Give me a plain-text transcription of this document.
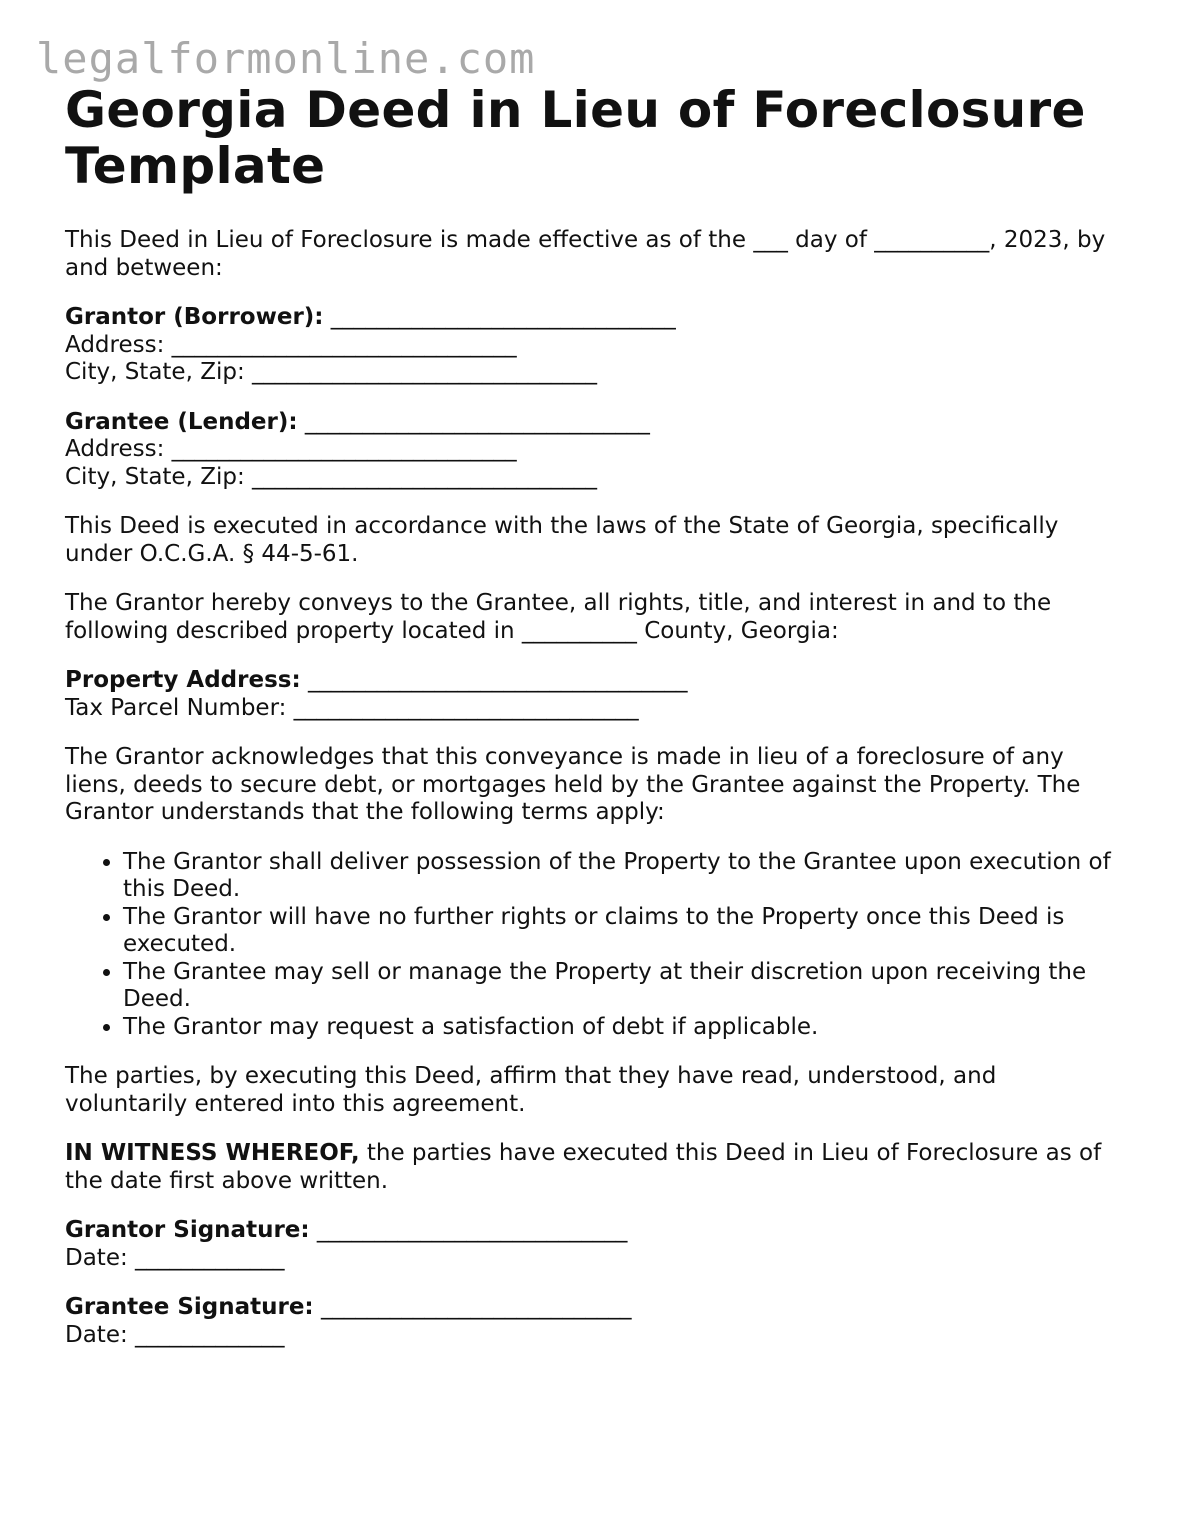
legalformonline.com
Georgia Deed in Lieu of Foreclosure Template

This Deed in Lieu of Foreclosure is made effective as of the ___ day of __________, 2023, by and between:

Grantor (Borrower): ______________________________
Address: ______________________________
City, State, Zip: ______________________________
Grantee (Lender): ______________________________
Address: ______________________________
City, State, Zip: ______________________________

This Deed is executed in accordance with the laws of the State of Georgia, specifically under O.C.G.A. § 44-5-61.

The Grantor hereby conveys to the Grantee, all rights, title, and interest in and to the following described property located in __________ County, Georgia:

Property Address: _________________________________
Tax Parcel Number: ______________________________

The Grantor acknowledges that this conveyance is made in lieu of a foreclosure of any liens, deeds to secure debt, or mortgages held by the Grantee against the Property. The Grantor understands that the following terms apply:

• The Grantor shall deliver possession of the Property to the Grantee upon execution of this Deed.
• The Grantor will have no further rights or claims to the Property once this Deed is executed.
• The Grantee may sell or manage the Property at their discretion upon receiving the Deed.
• The Grantor may request a satisfaction of debt if applicable.

The parties, by executing this Deed, affirm that they have read, understood, and voluntarily entered into this agreement.

IN WITNESS WHEREOF, the parties have executed this Deed in Lieu of Foreclosure as of the date first above written.

Grantor Signature: ___________________________
Date: _____________
Grantee Signature: ___________________________
Date: _____________
